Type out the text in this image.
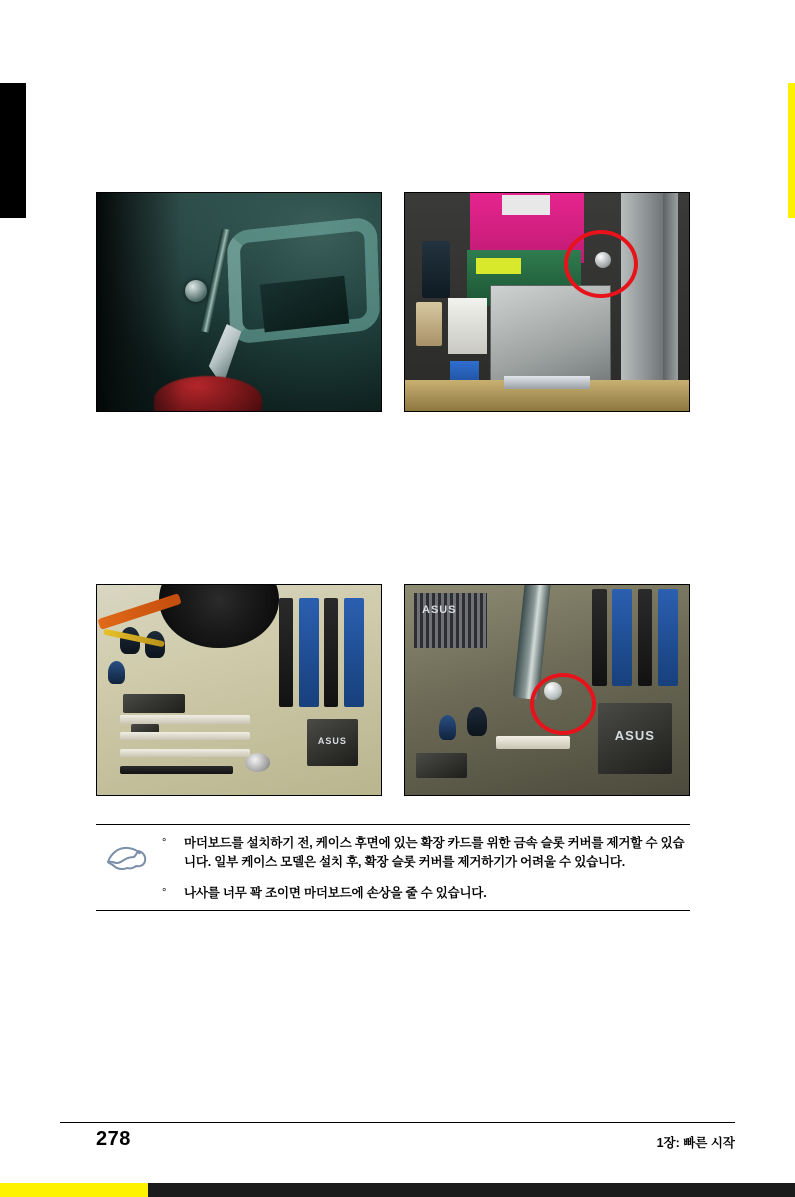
ASUS
ASUS
ASUS
°	마더보드를 설치하기 전, 케이스 후면에 있는 확장 카드를 위한 금속 슬롯 커버를 제거할 수 있습니다. 일부 케이스 모델은 설치 후, 확장 슬롯 커버를 제거하기가 어려울 수 있습니다.
°	나사를 너무 꽉 조이면 마더보드에 손상을 줄 수 있습니다.
278	1장: 빠른 시작
